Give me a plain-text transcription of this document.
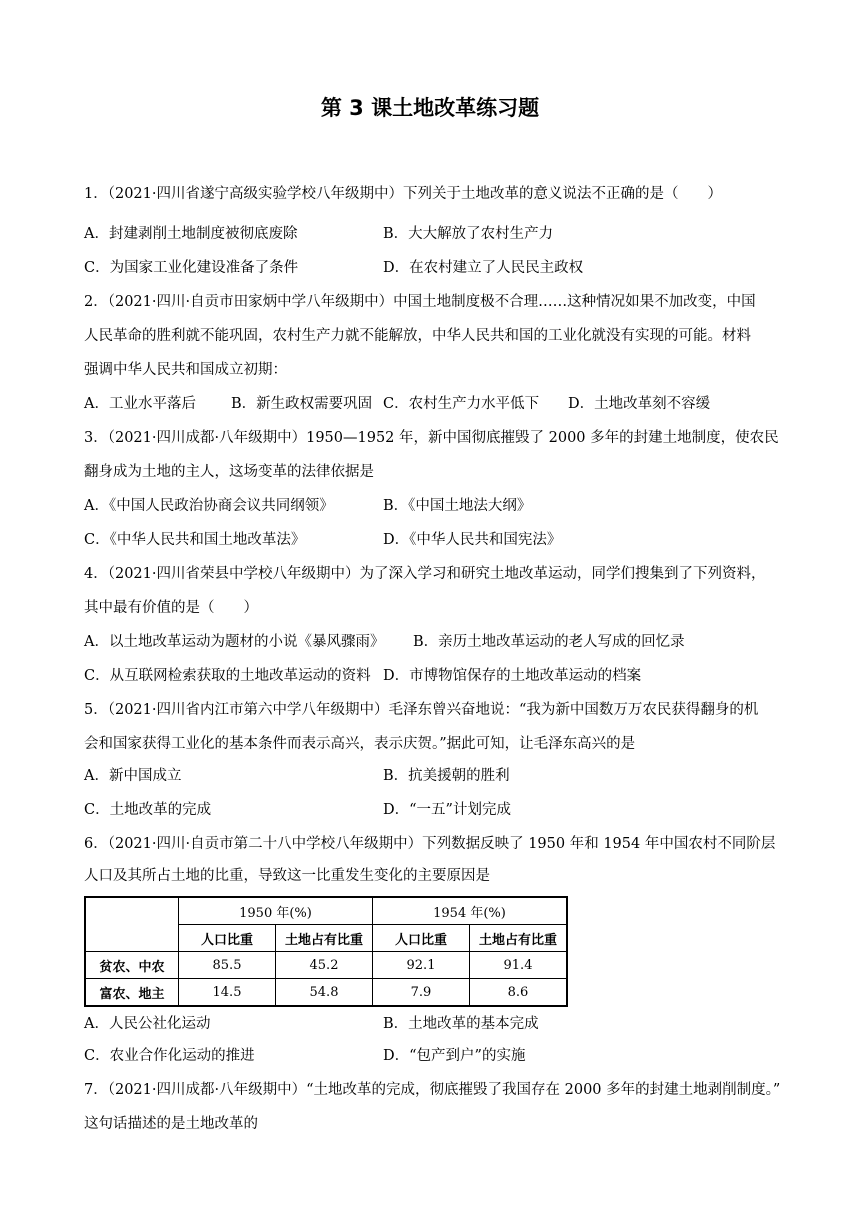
第 3 课土地改革练习题
1．（2021·四川省遂宁高级实验学校八年级期中）下列关于土地改革的意义说法不正确的是（　　）
A．封建剥削土地制度被彻底废除	B．大大解放了农村生产力
C．为国家工业化建设准备了条件	D．在农村建立了人民民主政权
2．（2021·四川·自贡市田家炳中学八年级期中）中国土地制度极不合理……这种情况如果不加改变，中国
人民革命的胜利就不能巩固，农村生产力就不能解放，中华人民共和国的工业化就没有实现的可能。材料
强调中华人民共和国成立初期：
A．工业水平落后 B．新生政权需要巩固 C．农村生产力水平低下 D．土地改革刻不容缓
3．（2021·四川成都·八年级期中）1950—1952 年，新中国彻底摧毁了 2000 多年的封建土地制度，使农民
翻身成为土地的主人，这场变革的法律依据是
A．《中国人民政治协商会议共同纲领》	B．《中国土地法大纲》
C．《中华人民共和国土地改革法》	D．《中华人民共和国宪法》
4．（2021·四川省荣县中学校八年级期中）为了深入学习和研究土地改革运动，同学们搜集到了下列资料，
其中最有价值的是（　　）
A．以土地改革运动为题材的小说《暴风骤雨》 B．亲历土地改革运动的老人写成的回忆录
C．从互联网检索获取的土地改革运动的资料 D．市博物馆保存的土地改革运动的档案
5．（2021·四川省内江市第六中学八年级期中）毛泽东曾兴奋地说：“我为新中国数万万农民获得翻身的机
会和国家获得工业化的基本条件而表示高兴，表示庆贺。”据此可知，让毛泽东高兴的是
A．新中国成立	B．抗美援朝的胜利
C．土地改革的完成	D．“一五”计划完成
6．（2021·四川·自贡市第二十八中学校八年级期中）下列数据反映了 1950 年和 1954 年中国农村不同阶层
人口及其所占土地的比重，导致这一比重发生变化的主要原因是
	1950 年(%)		1954 年(%)	
	人口比重	土地占有比重	人口比重	土地占有比重
贫农、中农	85.5	45.2	92.1	91.4
富农、地主	14.5	54.8	7.9	8.6
A．人民公社化运动	B．土地改革的基本完成
C．农业合作化运动的推进	D．“包产到户”的实施
7．（2021·四川成都·八年级期中）“土地改革的完成，彻底摧毁了我国存在 2000 多年的封建土地剥削制度。”
这句话描述的是土地改革的
